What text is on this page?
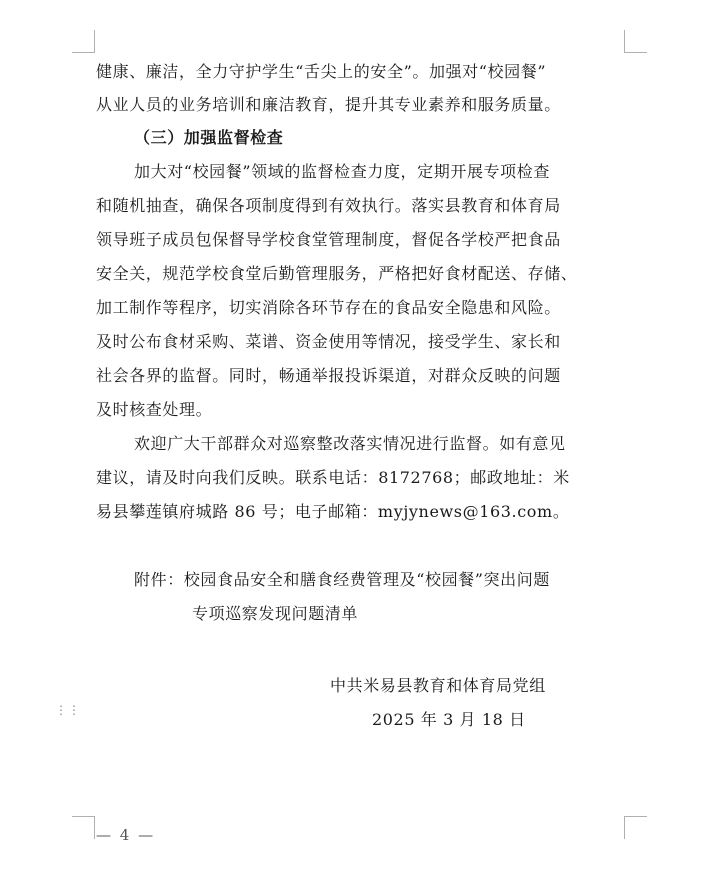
健康、廉洁，全力守护学生“舌尖上的安全”。加强对“校园餐”
从业人员的业务培训和廉洁教育，提升其专业素养和服务质量。
（三）加强监督检查
加大对“校园餐”领域的监督检查力度，定期开展专项检查
和随机抽查，确保各项制度得到有效执行。落实县教育和体育局
领导班子成员包保督导学校食堂管理制度，督促各学校严把食品
安全关，规范学校食堂后勤管理服务，严格把好食材配送、存储、
加工制作等程序，切实消除各环节存在的食品安全隐患和风险。
及时公布食材采购、菜谱、资金使用等情况，接受学生、家长和
社会各界的监督。同时，畅通举报投诉渠道，对群众反映的问题
及时核查处理。
欢迎广大干部群众对巡察整改落实情况进行监督。如有意见
建议，请及时向我们反映。联系电话：8172768；邮政地址：米
易县攀莲镇府城路 86 号；电子邮箱：myjynews@163.com。
附件：校园食品安全和膳食经费管理及“校园餐”突出问题
专项巡察发现问题清单
中共米易县教育和体育局党组
2025 年 3 月 18 日
⋮⋮
— 4 —
